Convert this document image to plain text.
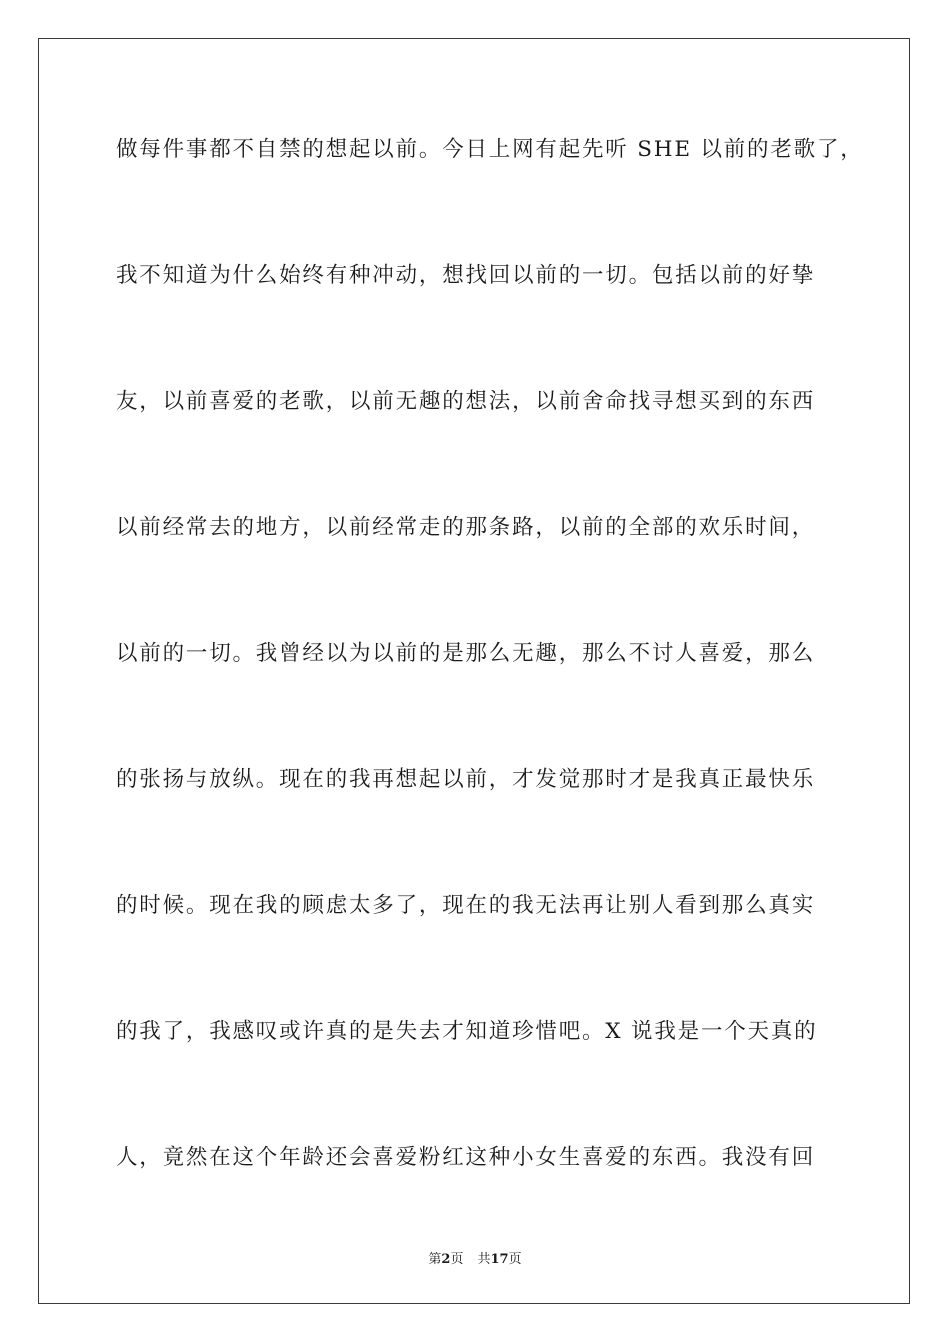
做每件事都不自禁的想起以前。今日上网有起先听 SHE 以前的老歌了，
我不知道为什么始终有种冲动，想找回以前的一切。包括以前的好挚
友，以前喜爱的老歌，以前无趣的想法，以前舍命找寻想买到的东西
以前经常去的地方，以前经常走的那条路，以前的全部的欢乐时间，
以前的一切。我曾经以为以前的是那么无趣，那么不讨人喜爱，那么
的张扬与放纵。现在的我再想起以前，才发觉那时才是我真正最快乐
的时候。现在我的顾虑太多了，现在的我无法再让别人看到那么真实
的我了，我感叹或许真的是失去才知道珍惜吧。X 说我是一个天真的
人，竟然在这个年龄还会喜爱粉红这种小女生喜爱的东西。我没有回
第2页 共17页
